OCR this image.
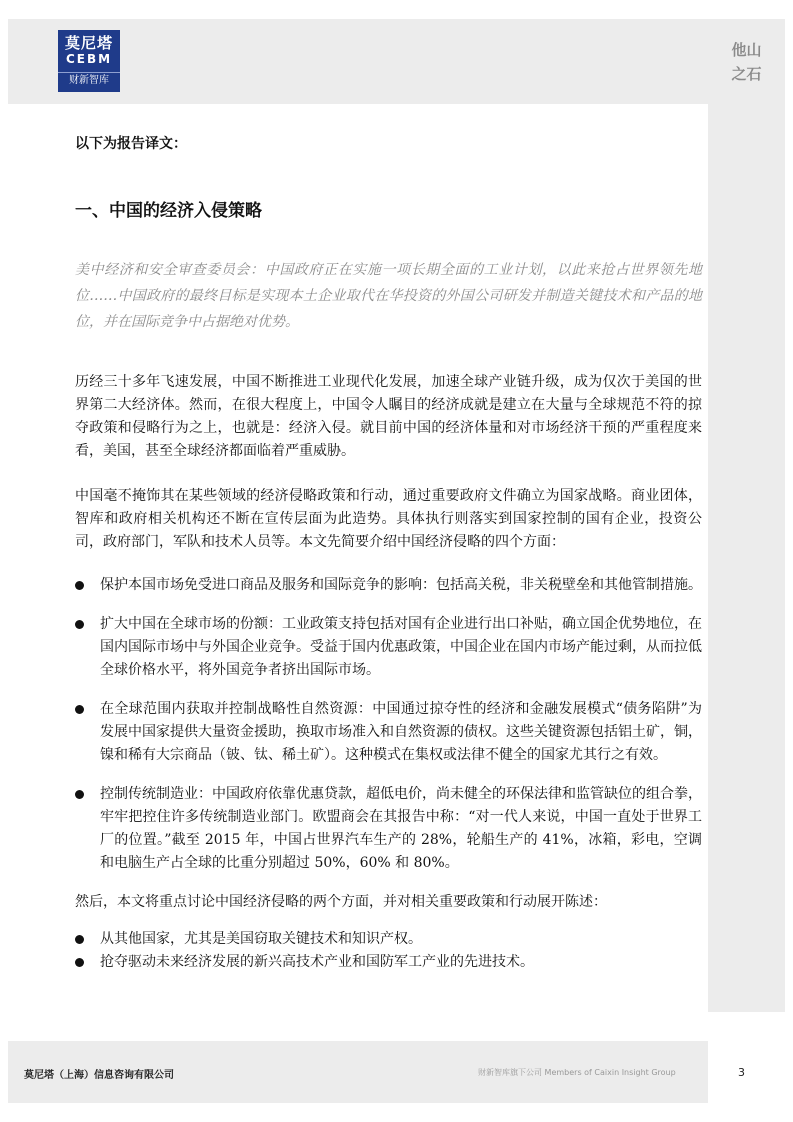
莫尼塔
CEBM
财新智库
他山
之石

以下为报告译文：

一、中国的经济入侵策略

美中经济和安全审查委员会：中国政府正在实施一项长期全面的工业计划，以此来抢占世界领先地位……中国政府的最终目标是实现本土企业取代在华投资的外国公司研发并制造关键技术和产品的地位，并在国际竞争中占据绝对优势。

历经三十多年飞速发展，中国不断推进工业现代化发展，加速全球产业链升级，成为仅次于美国的世界第二大经济体。然而，在很大程度上，中国令人瞩目的经济成就是建立在大量与全球规范不符的掠夺政策和侵略行为之上，也就是：经济入侵。就目前中国的经济体量和对市场经济干预的严重程度来看，美国，甚至全球经济都面临着严重威胁。

中国毫不掩饰其在某些领域的经济侵略政策和行动，通过重要政府文件确立为国家战略。商业团体，智库和政府相关机构还不断在宣传层面为此造势。具体执行则落实到国家控制的国有企业，投资公司，政府部门，军队和技术人员等。本文先简要介绍中国经济侵略的四个方面：

保护本国市场免受进口商品及服务和国际竞争的影响：包括高关税，非关税壁垒和其他管制措施。
扩大中国在全球市场的份额：工业政策支持包括对国有企业进行出口补贴，确立国企优势地位，在国内国际市场中与外国企业竞争。受益于国内优惠政策，中国企业在国内市场产能过剩，从而拉低全球价格水平，将外国竞争者挤出国际市场。
在全球范围内获取并控制战略性自然资源：中国通过掠夺性的经济和金融发展模式“债务陷阱”为发展中国家提供大量资金援助，换取市场准入和自然资源的债权。这些关键资源包括铝土矿，铜，镍和稀有大宗商品（铍、钛、稀土矿）。这种模式在集权或法律不健全的国家尤其行之有效。
控制传统制造业：中国政府依靠优惠贷款，超低电价，尚未健全的环保法律和监管缺位的组合拳，牢牢把控住许多传统制造业部门。欧盟商会在其报告中称：“对一代人来说，中国一直处于世界工厂的位置。”截至 2015 年，中国占世界汽车生产的 28%，轮船生产的 41%，冰箱，彩电，空调和电脑生产占全球的比重分别超过 50%，60% 和 80%。

然后，本文将重点讨论中国经济侵略的两个方面，并对相关重要政策和行动展开陈述：

从其他国家，尤其是美国窃取关键技术和知识产权。
抢夺驱动未来经济发展的新兴高技术产业和国防军工产业的先进技术。
莫尼塔（上海）信息咨询有限公司	财新智库旗下公司 Members of Caixin Insight Group	3
